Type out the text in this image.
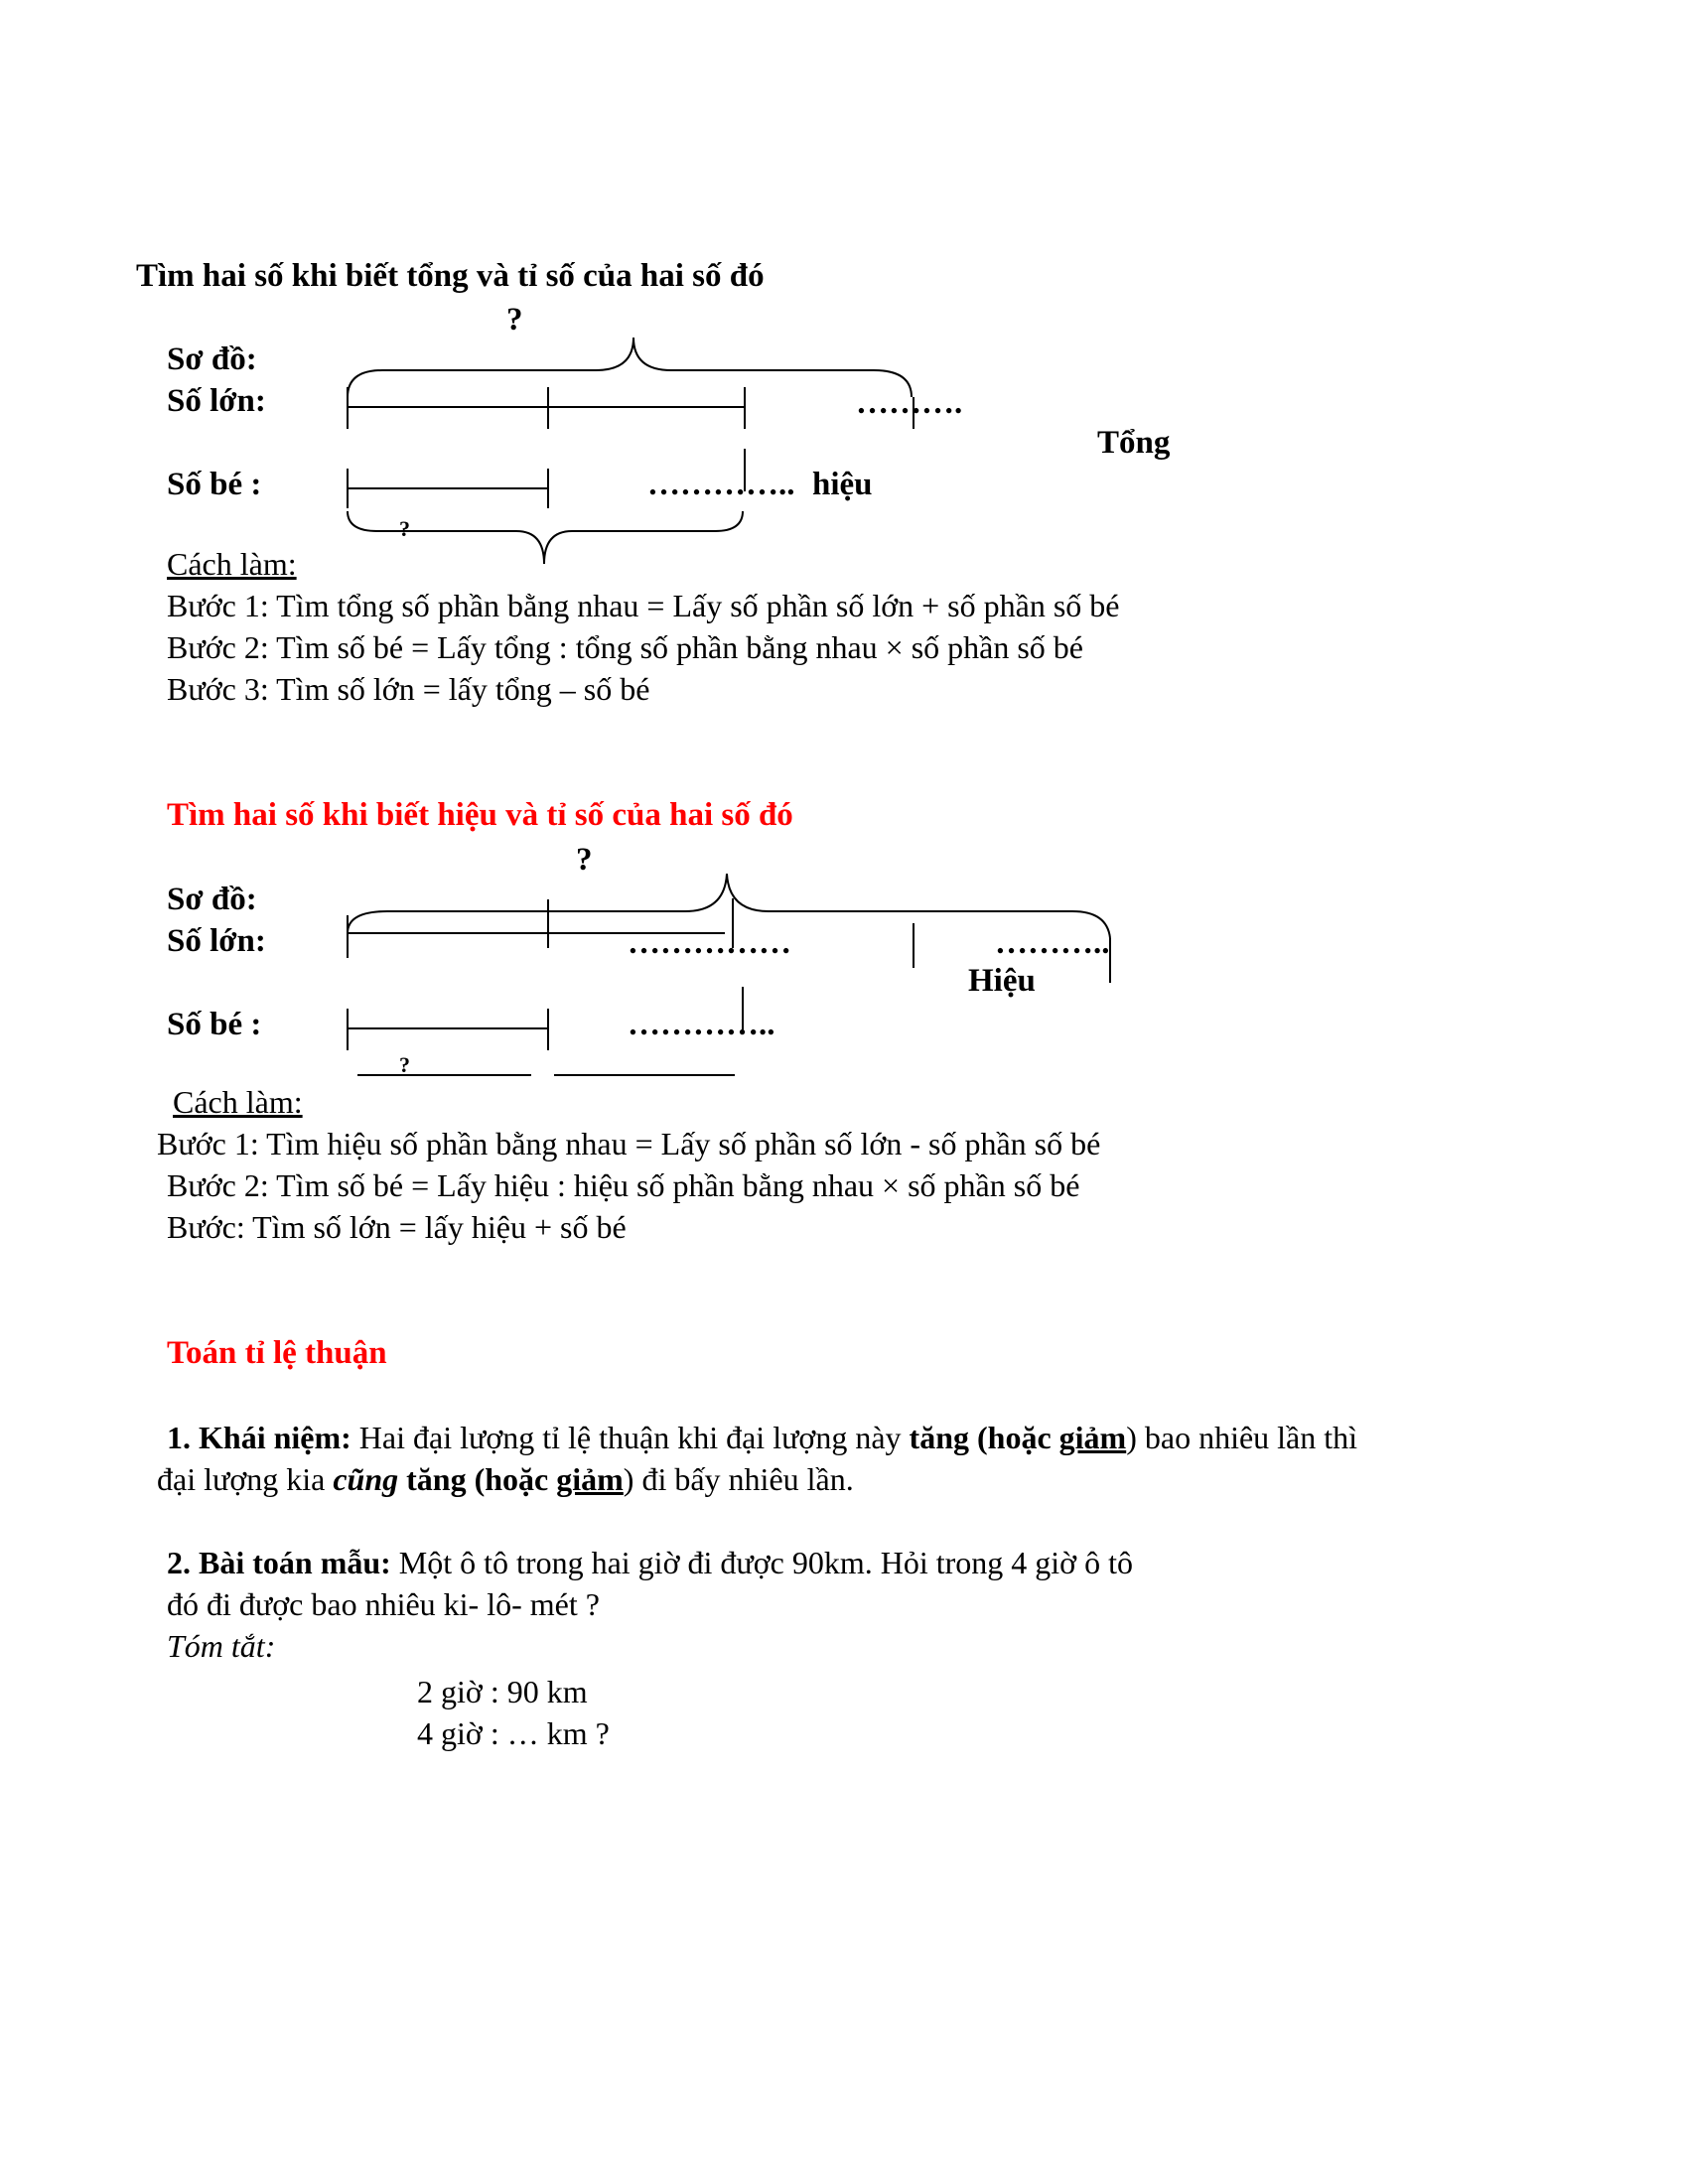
Tìm hai số khi biết tổng và tỉ số của hai số đó
?
Sơ đồ:
Số lớn:
Số bé :
……….
Tổng
………….. hiệu
?
Cách làm:
Bước 1: Tìm tổng số phần bằng nhau = Lấy số phần số lớn + số phần số bé
Bước 2: Tìm số bé = Lấy tổng : tổng số phần bằng nhau × số phần số bé
Bước 3: Tìm số lớn = lấy tổng – số bé
Tìm hai số khi biết hiệu và tỉ số của hai số đó
?
Sơ đồ:
Số lớn:
Số bé :
……………	………..
Hiệu
…………..
?
Cách làm:
Bước 1: Tìm hiệu số phần bằng nhau = Lấy số phần số lớn - số phần số bé
Bước 2: Tìm số bé = Lấy hiệu : hiệu số phần bằng nhau × số phần số bé
Bước: Tìm số lớn = lấy hiệu + số bé
Toán tỉ lệ thuận
1. Khái niệm: Hai đại lượng tỉ lệ thuận khi đại lượng này tăng (hoặc giảm) bao nhiêu lần thì
đại lượng kia cũng tăng (hoặc giảm) đi bấy nhiêu lần.
2. Bài toán mẫu: Một ô tô trong hai giờ đi được 90km. Hỏi trong 4 giờ ô tô
đó đi được bao nhiêu ki- lô- mét ?
Tóm tắt:
2 giờ : 90 km
4 giờ : … km ?
